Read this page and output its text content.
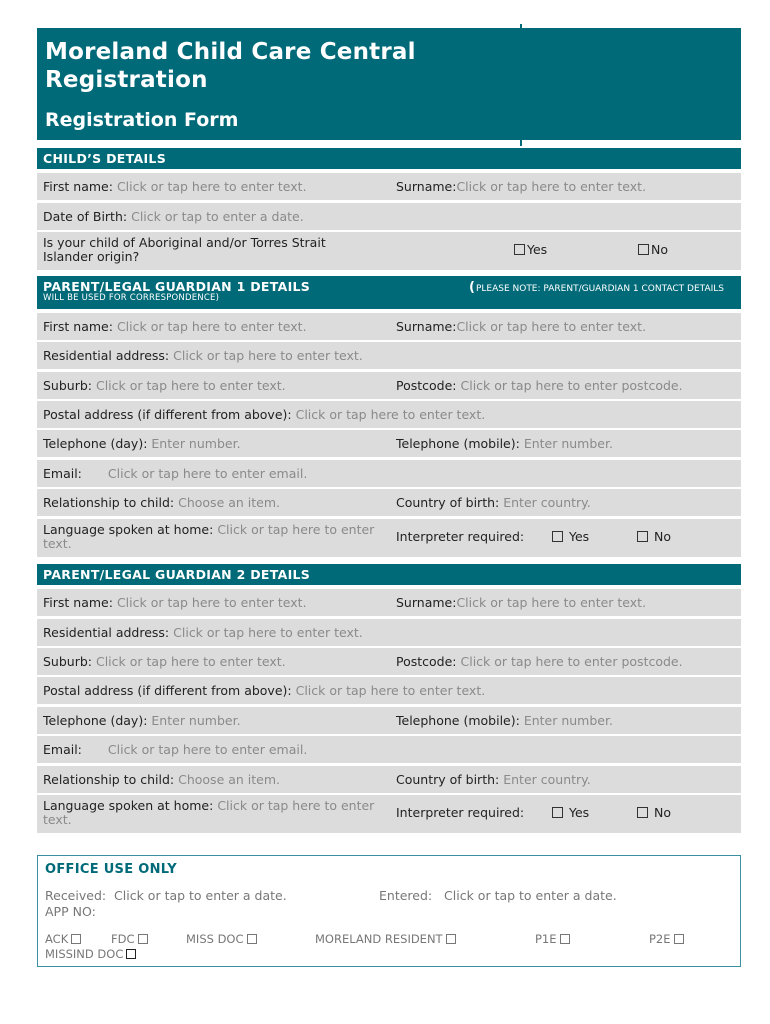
Moreland Child Care Central Registration
Registration Form
CHILD’S DETAILS
First name: Click or tap here to enter text.	Surname:Click or tap here to enter text.
Date of Birth: Click or tap to enter a date.
Is your child of Aboriginal and/or Torres Strait Islander origin?	Yes	No
PARENT/LEGAL GUARDIAN 1 DETAILS	(PLEASE NOTE: PARENT/GUARDIAN 1 CONTACT DETAILS
WILL BE USED FOR CORRESPONDENCE)
First name: Click or tap here to enter text.	Surname:Click or tap here to enter text.
Residential address: Click or tap here to enter text.
Suburb: Click or tap here to enter text.	Postcode: Click or tap here to enter postcode.
Postal address (if different from above): Click or tap here to enter text.
Telephone (day): Enter number.	Telephone (mobile): Enter number.
Email: Click or tap here to enter email.
Relationship to child: Choose an item.	Country of birth: Enter country.
Language spoken at home: Click or tap here to enter text.	Interpreter required:	Yes	No
PARENT/LEGAL GUARDIAN 2 DETAILS
First name: Click or tap here to enter text.	Surname:Click or tap here to enter text.
Residential address: Click or tap here to enter text.
Suburb: Click or tap here to enter text.	Postcode: Click or tap here to enter postcode.
Postal address (if different from above): Click or tap here to enter text.
Telephone (day): Enter number.	Telephone (mobile): Enter number.
Email: Click or tap here to enter email.
Relationship to child: Choose an item.	Country of birth: Enter country.
Language spoken at home: Click or tap here to enter text.	Interpreter required:	Yes	No
OFFICE USE ONLY
Received: Click or tap to enter a date.	Entered: Click or tap to enter a date.
APP NO:
ACK	FDC	MISS DOC	MORELAND RESIDENT	P1E	P2E
MISSIND DOC
